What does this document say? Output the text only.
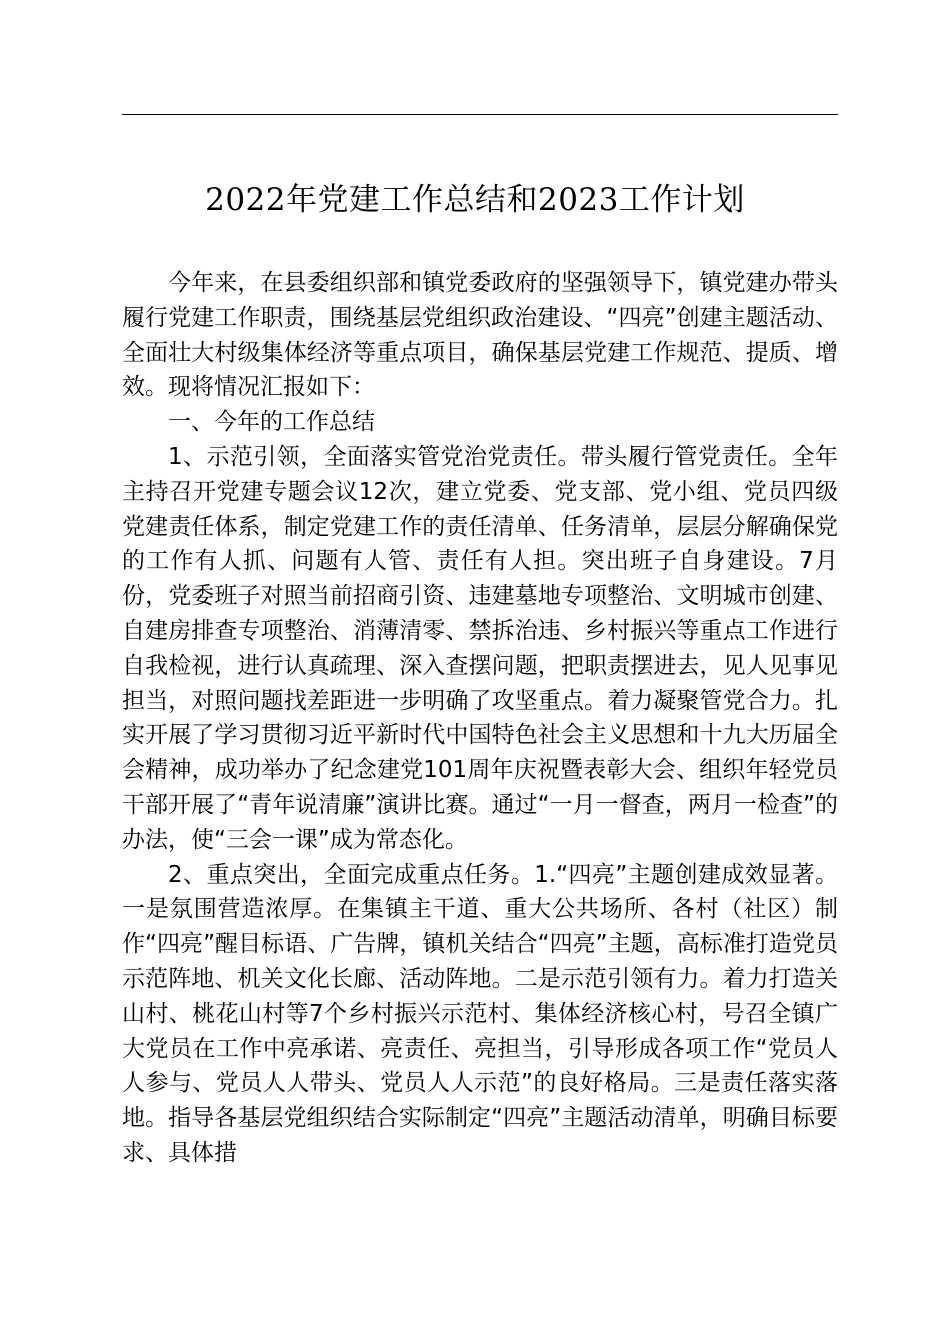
2022年党建工作总结和2023工作计划

今年来，在县委组织部和镇党委政府的坚强领导下，镇党建办带头履行党建工作职责，围绕基层党组织政治建设、“四亮”创建主题活动、全面壮大村级集体经济等重点项目，确保基层党建工作规范、提质、增效。现将情况汇报如下：

一、今年的工作总结

1、示范引领，全面落实管党治党责任。带头履行管党责任。全年主持召开党建专题会议12次，建立党委、党支部、党小组、党员四级党建责任体系，制定党建工作的责任清单、任务清单，层层分解确保党的工作有人抓、问题有人管、责任有人担。突出班子自身建设。7月份，党委班子对照当前招商引资、违建墓地专项整治、文明城市创建、自建房排查专项整治、消薄清零、禁拆治违、乡村振兴等重点工作进行自我检视，进行认真疏理、深入查摆问题，把职责摆进去，见人见事见担当，对照问题找差距进一步明确了攻坚重点。着力凝聚管党合力。扎实开展了学习贯彻习近平新时代中国特色社会主义思想和十九大历届全会精神，成功举办了纪念建党101周年庆祝暨表彰大会、组织年轻党员干部开展了“青年说清廉”演讲比赛。通过“一月一督查，两月一检查”的办法，使“三会一课”成为常态化。

2、重点突出，全面完成重点任务。1.“四亮”主题创建成效显著。一是氛围营造浓厚。在集镇主干道、重大公共场所、各村（社区）制作“四亮”醒目标语、广告牌，镇机关结合“四亮”主题，高标准打造党员示范阵地、机关文化长廊、活动阵地。二是示范引领有力。着力打造关山村、桃花山村等7个乡村振兴示范村、集体经济核心村，号召全镇广大党员在工作中亮承诺、亮责任、亮担当，引导形成各项工作“党员人人参与、党员人人带头、党员人人示范”的良好格局。三是责任落实落地。指导各基层党组织结合实际制定“四亮”主题活动清单，明确目标要求、具体措
